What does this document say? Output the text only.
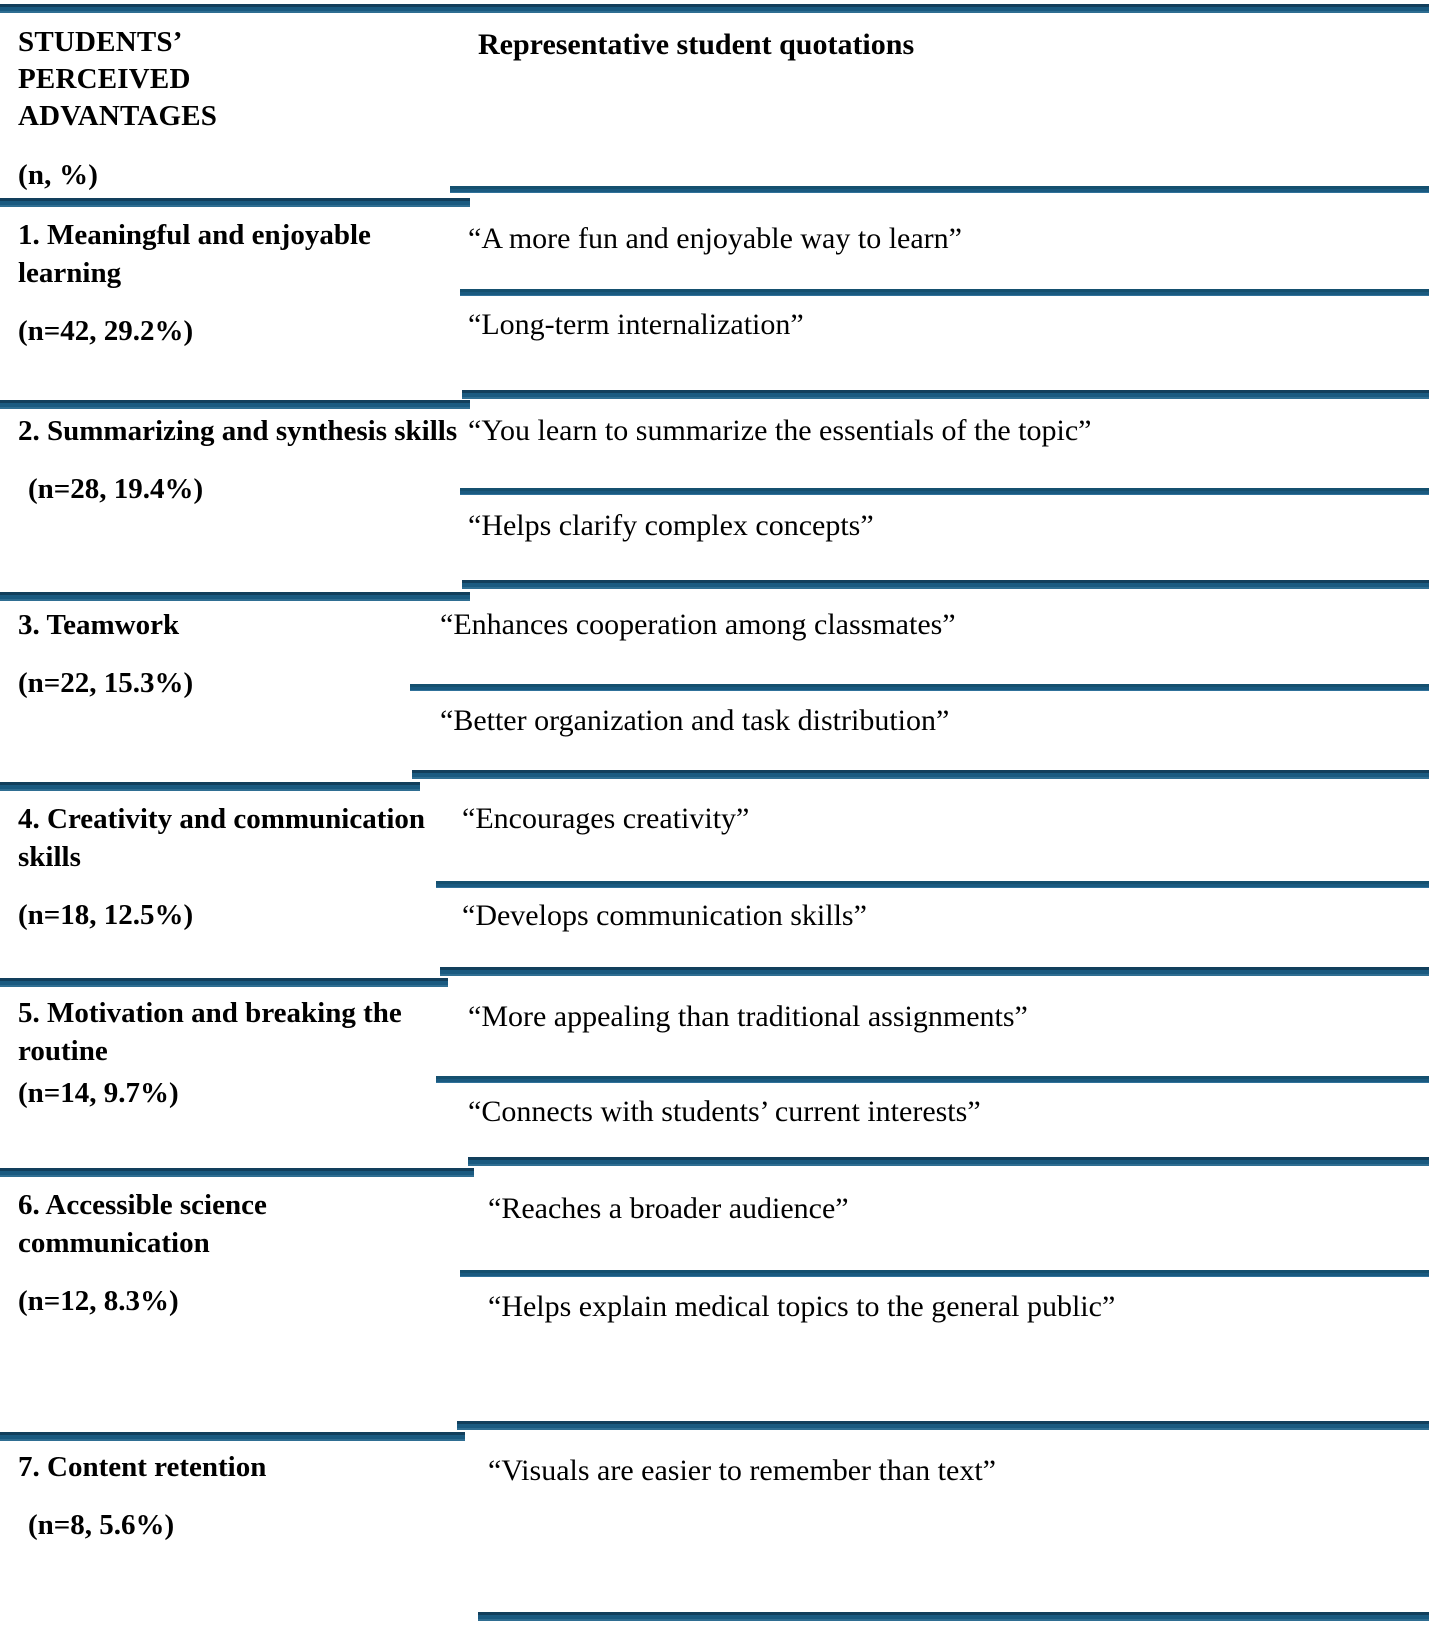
STUDENTS’
PERCEIVED
ADVANTAGES
(n, %)
Representative student quotations
1. Meaningful and enjoyable learning
(n=42, 29.2%)
“A more fun and enjoyable way to learn”
“Long-term internalization”
2. Summarizing and synthesis skills
(n=28, 19.4%)
“You learn to summarize the essentials of the topic”
“Helps clarify complex concepts”
3. Teamwork
(n=22, 15.3%)
“Enhances cooperation among classmates”
“Better organization and task distribution”
4. Creativity and communication skills
(n=18, 12.5%)
“Encourages creativity”
“Develops communication skills”
5. Motivation and breaking the routine
(n=14, 9.7%)
“More appealing than traditional assignments”
“Connects with students’ current interests”
6. Accessible science communication
(n=12, 8.3%)
“Reaches a broader audience”
“Helps explain medical topics to the general public”
7. Content retention
(n=8, 5.6%)
“Visuals are easier to remember than text”
